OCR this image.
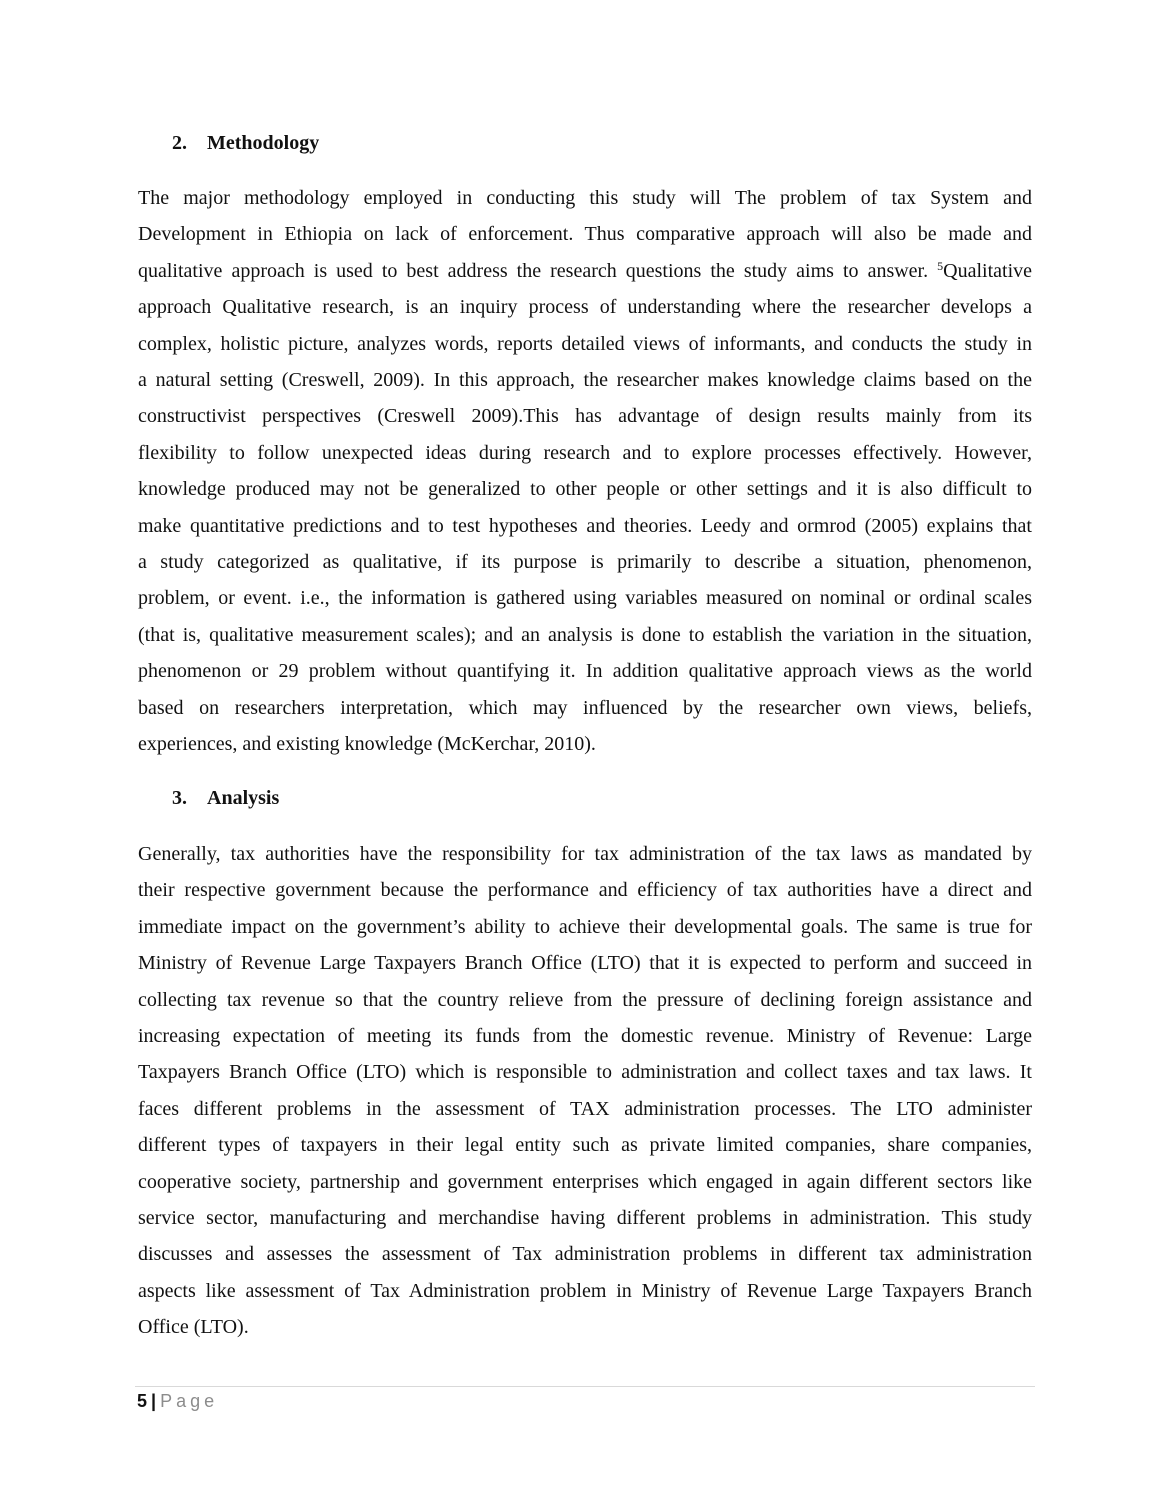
2. Methodology

The major methodology employed in conducting this study will The problem of tax System and
Development in Ethiopia on lack of enforcement. Thus comparative approach will also be made and
qualitative approach is used to best address the research questions the study aims to answer. $^5$Qualitative
approach Qualitative research, is an inquiry process of understanding where the researcher develops a
complex, holistic picture, analyzes words, reports detailed views of informants, and conducts the study in
a natural setting (Creswell, 2009). In this approach, the researcher makes knowledge claims based on the
constructivist perspectives (Creswell 2009).This has advantage of design results mainly from its
flexibility to follow unexpected ideas during research and to explore processes effectively. However,
knowledge produced may not be generalized to other people or other settings and it is also difficult to
make quantitative predictions and to test hypotheses and theories. Leedy and ormrod (2005) explains that
a study categorized as qualitative, if its purpose is primarily to describe a situation, phenomenon,
problem, or event. i.e., the information is gathered using variables measured on nominal or ordinal scales
(that is, qualitative measurement scales); and an analysis is done to establish the variation in the situation,
phenomenon or 29 problem without quantifying it. In addition qualitative approach views as the world
based on researchers interpretation, which may influenced by the researcher own views, beliefs,
experiences, and existing knowledge (McKerchar, 2010).

3. Analysis

Generally, tax authorities have the responsibility for tax administration of the tax laws as mandated by
their respective government because the performance and efficiency of tax authorities have a direct and
immediate impact on the government’s ability to achieve their developmental goals. The same is true for
Ministry of Revenue Large Taxpayers Branch Office (LTO) that it is expected to perform and succeed in
collecting tax revenue so that the country relieve from the pressure of declining foreign assistance and
increasing expectation of meeting its funds from the domestic revenue. Ministry of Revenue: Large
Taxpayers Branch Office (LTO) which is responsible to administration and collect taxes and tax laws. It
faces different problems in the assessment of TAX administration processes. The LTO administer
different types of taxpayers in their legal entity such as private limited companies, share companies,
cooperative society, partnership and government enterprises which engaged in again different sectors like
service sector, manufacturing and merchandise having different problems in administration. This study
discusses and assesses the assessment of Tax administration problems in different tax administration
aspects like assessment of Tax Administration problem in Ministry of Revenue Large Taxpayers Branch
Office (LTO).

5 | Page
